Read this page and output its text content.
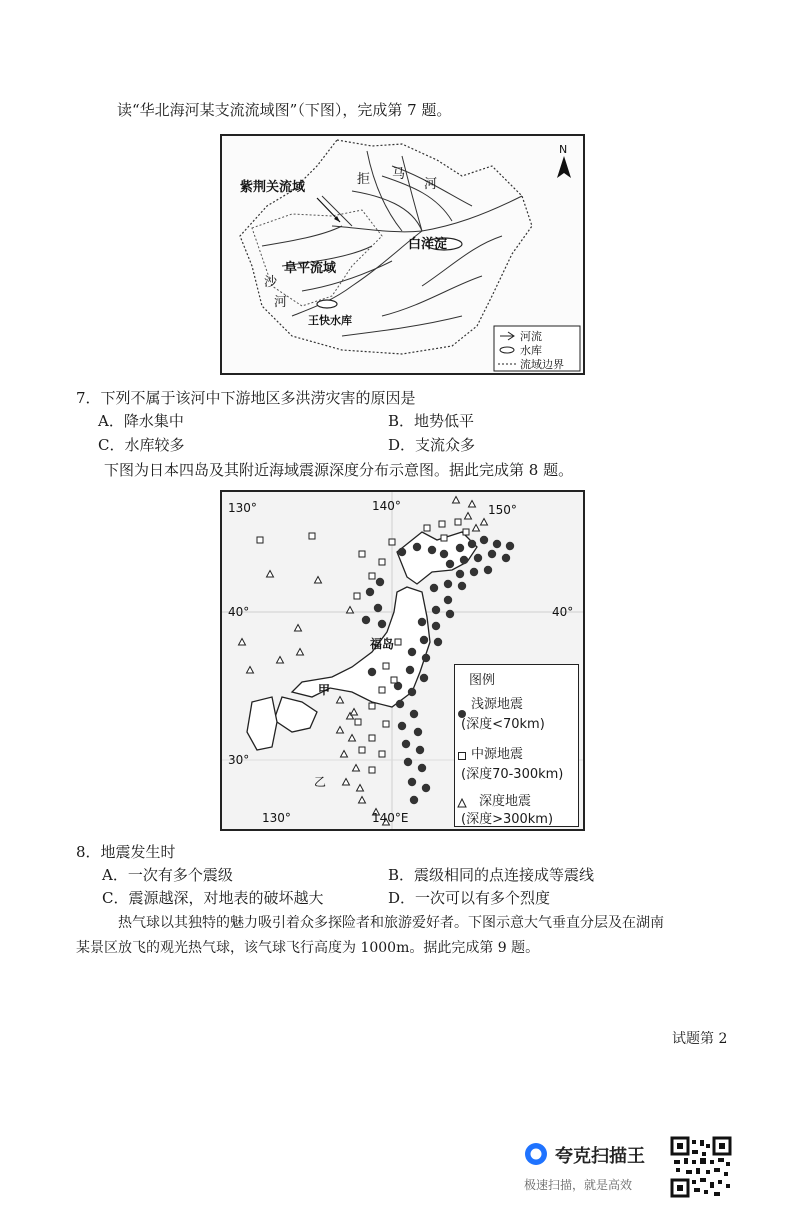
读“华北海河某支流流域图”（下图），完成第 7 题。
紫荆关流域
拒 马
河
白洋淀
阜平流域
沙
河
王快水库
N
河流
水库
流域边界
7．下列不属于该河中下游地区多洪涝灾害的原因是
A．降水集中	B．地势低平
C．水库较多	D．支流众多
下图为日本四岛及其附近海域震源深度分布示意图。据此完成第 8 题。
130°	140°	150°
40°	40°
30°
130°	140°E
福岛
甲
乙
图例
浅源地震
(深度<70km)
中源地震
(深度70-300km)
深度地震
(深度>300km)
8．地震发生时
A．一次有多个震级	B．震级相同的点连接成等震线
C．震源越深，对地表的破坏越大	D．一次可以有多个烈度
热气球以其独特的魅力吸引着众多探险者和旅游爱好者。下图示意大气垂直分层及在湖南
某景区放飞的观光热气球，该气球飞行高度为 1000m。据此完成第 9 题。
试题第 2
夸克扫描王
极速扫描，就是高效
